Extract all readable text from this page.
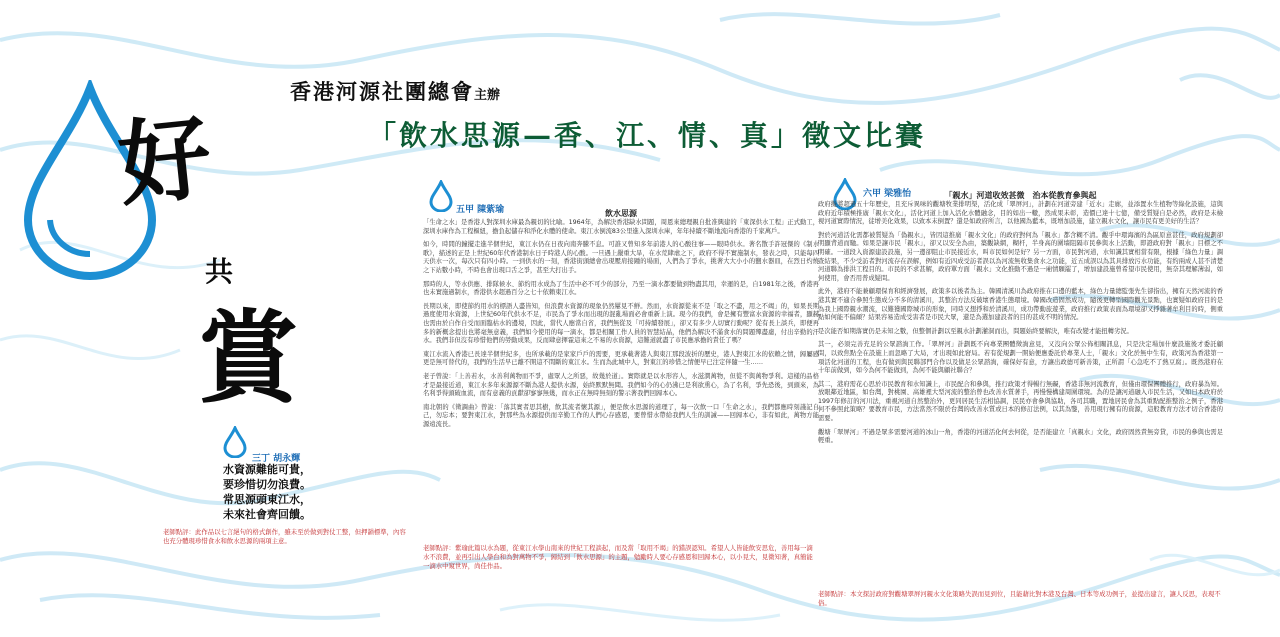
香港河源社團總會主辦
「飲水思源—香、江、情、真」徵文比賽
好
共
賞
三丁 胡永輝
水資源難能可貴，
要珍惜切勿浪費。
常思源頭東江水，
未來社會齊回饋。
老師點評：此作品以七言絕句的格式創作，雖未至於做到對仗工整，但押韻標準，內容也充分體現珍惜食水和飲水思源的兩項主意。
五甲 陳紫瑜	飲水思源

「生命之水」是香港人對深圳水庫最為親切的比喻。1964年，為解決香港缺水問題，周恩來總理親自批准興建的「東深供水工程」正式動工，深圳水庫作為工程樞紐，擔負起儲存和淨化水體的使命。東江水倒流83公里進入深圳水庫，年年持續不斷地流向香港的千家萬戶。

如今，時間的鐘擺走進半個世紀，東江水仍在日夜向南奔騰不息。可誰又曾知多年前港人的心酸往事——眼時供水。著名散手許冠傑的《制水歌》，描述的正是上世紀60年代香港制水日子時港人的心酸。一旦遇上嚴重大旱，在水荒肆虐之下，政府不得不實施制水，發表之時，只能每四天供水一次，每次只有四小時。一到供水的一刻，香港街頭總會出現壓肩接踵的場面，人們為了爭水，挑著大大小小的鹽水器皿，在烈日灼燒之下站數小時，不時也會出現口舌之爭，甚至大打出手。

那時的人，等水供應、排隊候水、節約用水成為了生活中必不可少的部分，乃至一滴水都要做到物盡其用，幸運的是，自1981年之後，香港再也未實施過制水，香港供水超過百分之七十依賴東江水。

長期以來，即使節約用水的標語人盡皆知，但浪費水資源的現象仍然屢見不鮮。然而，水資源從來不是「取之不盡，用之不竭」的，如果長期過度使用水資源，上世紀60年代供水不足，市民為了爭水而出現的混亂場面必會重新上演。現今的我們，會是擁有豐富水資源的幸福者，顯赫也需由於自作自受而面臨枯水的邊境，因此，當代人應當自省，我們無從及「可持續發展」，卻又有多少人切實行動呢？從有長上談兵，即便再多的新概念提出也將毫無意義，我們如今使用的每一滴水，都是相關工作人員的智慧結晶，他們為解決不滿食水的問題殫盡慮，付出辛勤的汗水。我們非但沒有珍惜他們的勞動成果，反而肆意揮霍這來之不易的水資源，這難道就盡了市民應承擔的責任了嗎？

東江水流入香港已長達半個世紀多，也所承載的是家家戶戶的需要，更承載著港人與東江那段波折的歷史，港人對東江水的依賴之情，歸屬感更是無可替代的，我們的生活早已離不開這不間斷的東江水。生而為此城中人，對東江的珍惜之情便早已注定伴隨一生……

老子曾說：「上善若水，水善利萬物而不爭，處眾人之所惡，故幾於道」。實際就是以水形容人，水滋潤萬物，但從不與萬物爭利。這樣的品格才是最接近道，東江水多年來源源不斷為港人提供水源，始終默默無聞。我們如今的心仍沸已是利欲熏心，為了名利，爭先恐後，到頭來，為名利爭得頭破血流，而有意義的貢獻卻寥寥無幾，而水正在無時無刻的警示著我們回歸本心。

南北朝的《徵調曲》曾說：「落其實者思其樹，飲其流者懷其源」，便是飲水思源的道理了，每一次飲一口「生命之水」，我們都應時刻謹記自己，勿忘本；要對東江水，對那些為水源提供而辛勤工作的人們心存感恩，要曾惜水帶給我們人生的訓誡——回歸本心，非有如此，萬物方能源遠流長。

老師點評：紫瑜此篇以水為題，從東江水學山南來的世紀工程談起，而及當「取用不竭」的錯誤認知。希望人人皆能飲安思危，善用每一滴水不浪費，並再引出人學台和為對萬物不爭，歸結到「飲水思源」的主題，勉勵時人要心存感恩和回歸本心，以小見大，見微知著，真簡能一滴水中窺世界，尚佳作品。
六甲 梁雅怡	「親水」河道收效甚微　治本從教育參與起

政府擬將超過五十年歷史，且充斥異味的觀塘牧業排明渠，活化成「翠屏河」，計劃在河道旁建「近水」走廊，並添置水生植物等綠化設施，這與政府近年積極推廣「親水文化」，活化河道上加入活化水體融念，目的如出一轍，然成果未彰，造價已達十七億，備受質疑自是必然，政府是未檢視河道實際情況，徒增美化效果，以致本末倒置？還是如政府所言，以他國為藍本，既增加設施，建立親水文化，讓市民有更美好的生活？

對於河道活化需都被質疑為「偽親水」，皆因這推廣「親水文化」的政府對何為「親水」都含糊不清。觀乎中環海濱的為區原意甚佳，政府規劃卻明顯背道而馳。如果是讓市民「親水」，卻又以安全為由，築觀缺網，糊杆，半身高的圍墻阻隔市民參與水上活動，即證政府對「親水」目標之不明確。一道段入資源建設設施，另一邊卻阻止市民接近水，叫市民如何是好？另一方面，市民對河道，水知識其實相當有限，根據「綠色力量」調查結果，不少受訪者對河流存在誤解，例如有近四成受訪者誤以為河流無收集食水之功能，近五成誤以為其具排放污水功能，有約兩成人甚不清楚河道聯為排洪工程目的。市民的不求甚解，政府單方面「親水」文化推動不過是一廂情願罷了，增加建設施曾希望市民使用，無奈其理解薄弱，如何使用，會否用普成疑問。

此外，港府不能兼顧環保育和經濟發展，政策多以後者為主。韓國清溪川為政府推在口邊的藍本，綠色力量總監張先生卻指出，擁有天然河流的香港其實不適合參照生態成分不多的清溪川，其整治方法反破壞香港生態環境。韓國改造固然成功，隨後更轉型國際觀光景點，也實疑如政府目的是為我上國際親水潮流，以難獲國際城市的形象，同時又想掙和於清溪川，成功帶動旅遊業，政府推行政策表面為環境卻又掙雜著牟利目的時，側重點如何能不偏頗？結果容易造成受害者是市民大眾，還是為選加建設者的目的甚成不明的情況。

是次能否如期落實仍是未知之數，但整個計劃以至親水計劃灌洞而出，問題始終要解決，唯有改變才能扭轉劣況。

其一，必須完善充足的公眾諮詢工作。「翠屏河」計劃既不向專業團體徵詢意見，又沒向公眾公佈相關訊息，只是決定場加什麼設施後才委託顧問，以致焦點全在設施上而忽略了大局，才出現如此窘局。若有從規劃一開始便應委託於專業人士，「親水」文化於無中生有，政策河為香港第一項活化河道的工程，也有做到與民聯部門合作以及做足公眾諮詢，確保好有意，方讓出政德可新善策，正所謂「心急吃不了熱豆腐」。既然港府在十年前做到，如今為何不能做到，為何不能與顧社聯合？

其二，港府需花心思於市民教育和水知識上，市民配合和參與，推行政策才得暢行無礙，香港非無河流教育，但僅由環保團體推行，政府暴為知。放眼鄰近地區，如台灣，對桃園、高雄裡大型河流的整治曾也改善水質著手，再慢慢構建周圍環境。為的是讓河道融入市民生活，又如日本政府於1997年修訂的河川法，重視河道自然整治外，更同居民生活相協調，民民亦會參與協助，各司其職，置地居民會為其重點配推整治之例子，香港何不參照此策略？要教育市民，方法當然不限於台灣的改善水質或日本的修訂法例，以其為鑒，善用現行擁有的資源，這般教育方法才切合香港的需要。

觀塘「翠屏河」不過是眾多需要河道的冰山一角，香港的河道活化何去何從，是否能建立「真親水」文化，政府固然責無旁貸，市民的參與也需足輕重。

老師點評：本文探討政府對觀塘翠屏河親水文化策略失誤而見到位，且能藉比對本港及台灣、日本等成功例子，並提出建言，讓人反思，表現不俗。
